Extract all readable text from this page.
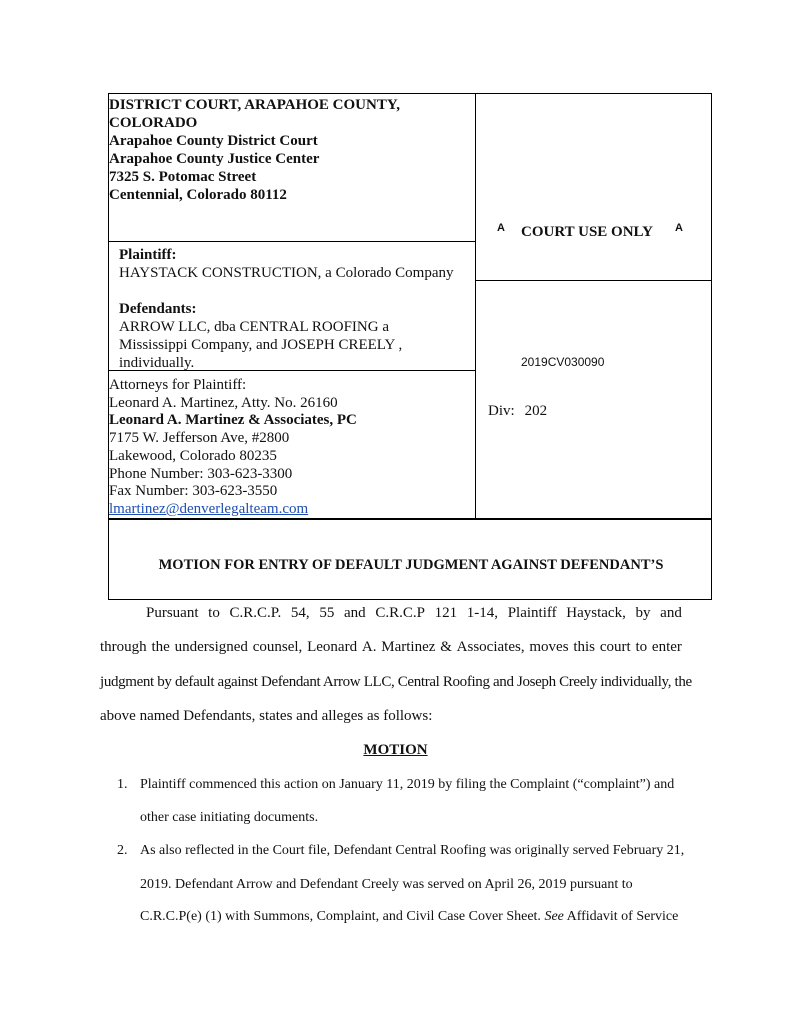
DISTRICT COURT, ARAPAHOE COUNTY,
COLORADO
Arapahoe County District Court
Arapahoe County Justice Center
7325 S. Potomac Street
Centennial, Colorado 80112
A COURT USE ONLY A
Plaintiff:
HAYSTACK CONSTRUCTION, a Colorado Company
Defendants:
ARROW LLC, dba CENTRAL ROOFING a
Mississippi Company, and JOSEPH CREELY ,
individually.	2019CV030090
Div: 202
Attorneys for Plaintiff:
Leonard A. Martinez, Atty. No. 26160
Leonard A. Martinez & Associates, PC
7175 W. Jefferson Ave, #2800
Lakewood, Colorado 80235
Phone Number: 303-623-3300
Fax Number: 303-623-3550
lmartinez@denverlegalteam.com
MOTION FOR ENTRY OF DEFAULT JUDGMENT AGAINST DEFENDANT’S
Pursuant to C.R.C.P. 54, 55 and C.R.C.P 121 1-14, Plaintiff Haystack, by and
through the undersigned counsel, Leonard A. Martinez & Associates, moves this court to enter
judgment by default against Defendant Arrow LLC, Central Roofing and Joseph Creely individually, the
above named Defendants, states and alleges as follows:
MOTION
1. Plaintiff commenced this action on January 11, 2019 by filing the Complaint (“complaint”) and
other case initiating documents.
2. As also reflected in the Court file, Defendant Central Roofing was originally served February 21,
2019. Defendant Arrow and Defendant Creely was served on April 26, 2019 pursuant to
C.R.C.P(e) (1) with Summons, Complaint, and Civil Case Cover Sheet. See Affidavit of Service
